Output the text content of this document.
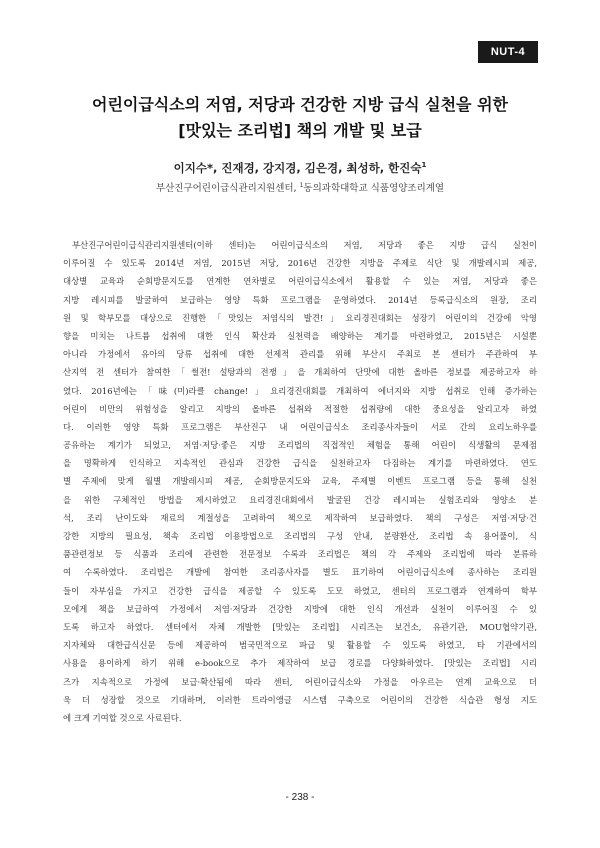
NUT-4
어린이급식소의 저염, 저당과 건강한 지방 급식 실천을 위한
[맛있는 조리법] 책의 개발 및 보급
이지수*, 진재경, 강지경, 김은경, 최성하, 한진숙$^1$
부산진구어린이급식관리지원센터, $^1$동의과학대학교 식품영양조리계열
부산진구어린이급식관리지원센터(이하 센터)는 어린이급식소의 저염, 저당과 좋은 지방 급식 실천이
이루어질 수 있도록 2014년 저염, 2015년 저당, 2016년 건강한 지방을 주제로 식단 및 개발레시피 제공,
대상별 교육과 순회방문지도를 연계한 연차별로 어린이급식소에서 활용할 수 있는 저염, 저당과 좋은
지방 레시피를 발굴하여 보급하는 영양 특화 프로그램을 운영하였다. 2014년 등록급식소의 원장, 조리
원 및 학부모를 대상으로 진행한「맛있는 저염식의 발견!」요리경진대회는 성장기 어린이의 건강에 악영
향을 미치는 나트륨 섭취에 대한 인식 확산과 실천력을 배양하는 계기를 마련하였고, 2015년은 시설뿐
아니라 가정에서 유아의 당류 섭취에 대한 선제적 관리를 위해 부산시 주최로 본 센터가 주관하여 부
산지역 전 센터가 참여한「썰전! 설탕과의 전쟁」을 개최하여 단맛에 대한 올바른 정보를 제공하고자 하
였다. 2016년에는「味(미)라클 change!」요리경진대회를 개최하여 에너지와 지방 섭취로 인해 증가하는
어린이 비만의 위험성을 알리고 지방의 올바른 섭취와 적절한 섭취량에 대한 중요성을 알리고자 하였
다. 이러한 영양 특화 프로그램은 부산진구 내 어린이급식소 조리종사자들이 서로 간의 요리노하우를
공유하는 계기가 되었고, 저염·저당·좋은 지방 조리법의 직접적인 체험을 통해 어린이 식생활의 문제점
을 명확하게 인식하고 지속적인 관심과 건강한 급식을 실천하고자 다짐하는 계기를 마련하였다. 연도
별 주제에 맞게 월별 개발레시피 제공, 순회방문지도와 교육, 주제별 이벤트 프로그램 등을 통해 실천
을 위한 구체적인 방법을 제시하였고 요리경진대회에서 발굴된 건강 레시피는 실험조리와 영양소 분
석, 조리 난이도와 재료의 계절성을 고려하여 책으로 제작하여 보급하였다. 책의 구성은 저염·저당·건
강한 지방의 필요성, 책속 조리법 이용방법으로 조리법의 구성 안내, 분량환산, 조리법 속 용어풀이, 식
품관련정보 등 식품과 조리에 관련한 전문정보 수록과 조리법은 책의 각 주제와 조리법에 따라 분류하
여 수록하였다. 조리법은 개발에 참여한 조리종사자를 별도 표기하여 어린이급식소에 종사하는 조리원
들이 자부심을 가지고 건강한 급식을 제공할 수 있도록 도모 하였고, 센터의 프로그램과 연계하여 학부
모에게 책을 보급하여 가정에서 저염·저당과 건강한 지방에 대한 인식 개선과 실천이 이루어질 수 있
도록 하고자 하였다. 센터에서 자체 개발한 [맛있는 조리법] 시리즈는 보건소, 유관기관, MOU협약기관,
지자체와 대한급식신문 등에 제공하여 범국민적으로 파급 및 활용할 수 있도록 하였고, 타 기관에서의
사용을 용이하게 하기 위해 e-book으로 추가 제작하여 보급 경로를 다양화하였다. [맛있는 조리법] 시리
즈가 지속적으로 가정에 보급·확산됨에 따라 센터, 어린이급식소와 가정을 아우르는 연계 교육으로 더
욱 더 성장할 것으로 기대하며, 이러한 트라이앵글 시스템 구축으로 어린이의 건강한 식습관 형성 지도
에 크게 기여할 것으로 사료된다.
- 238 -
